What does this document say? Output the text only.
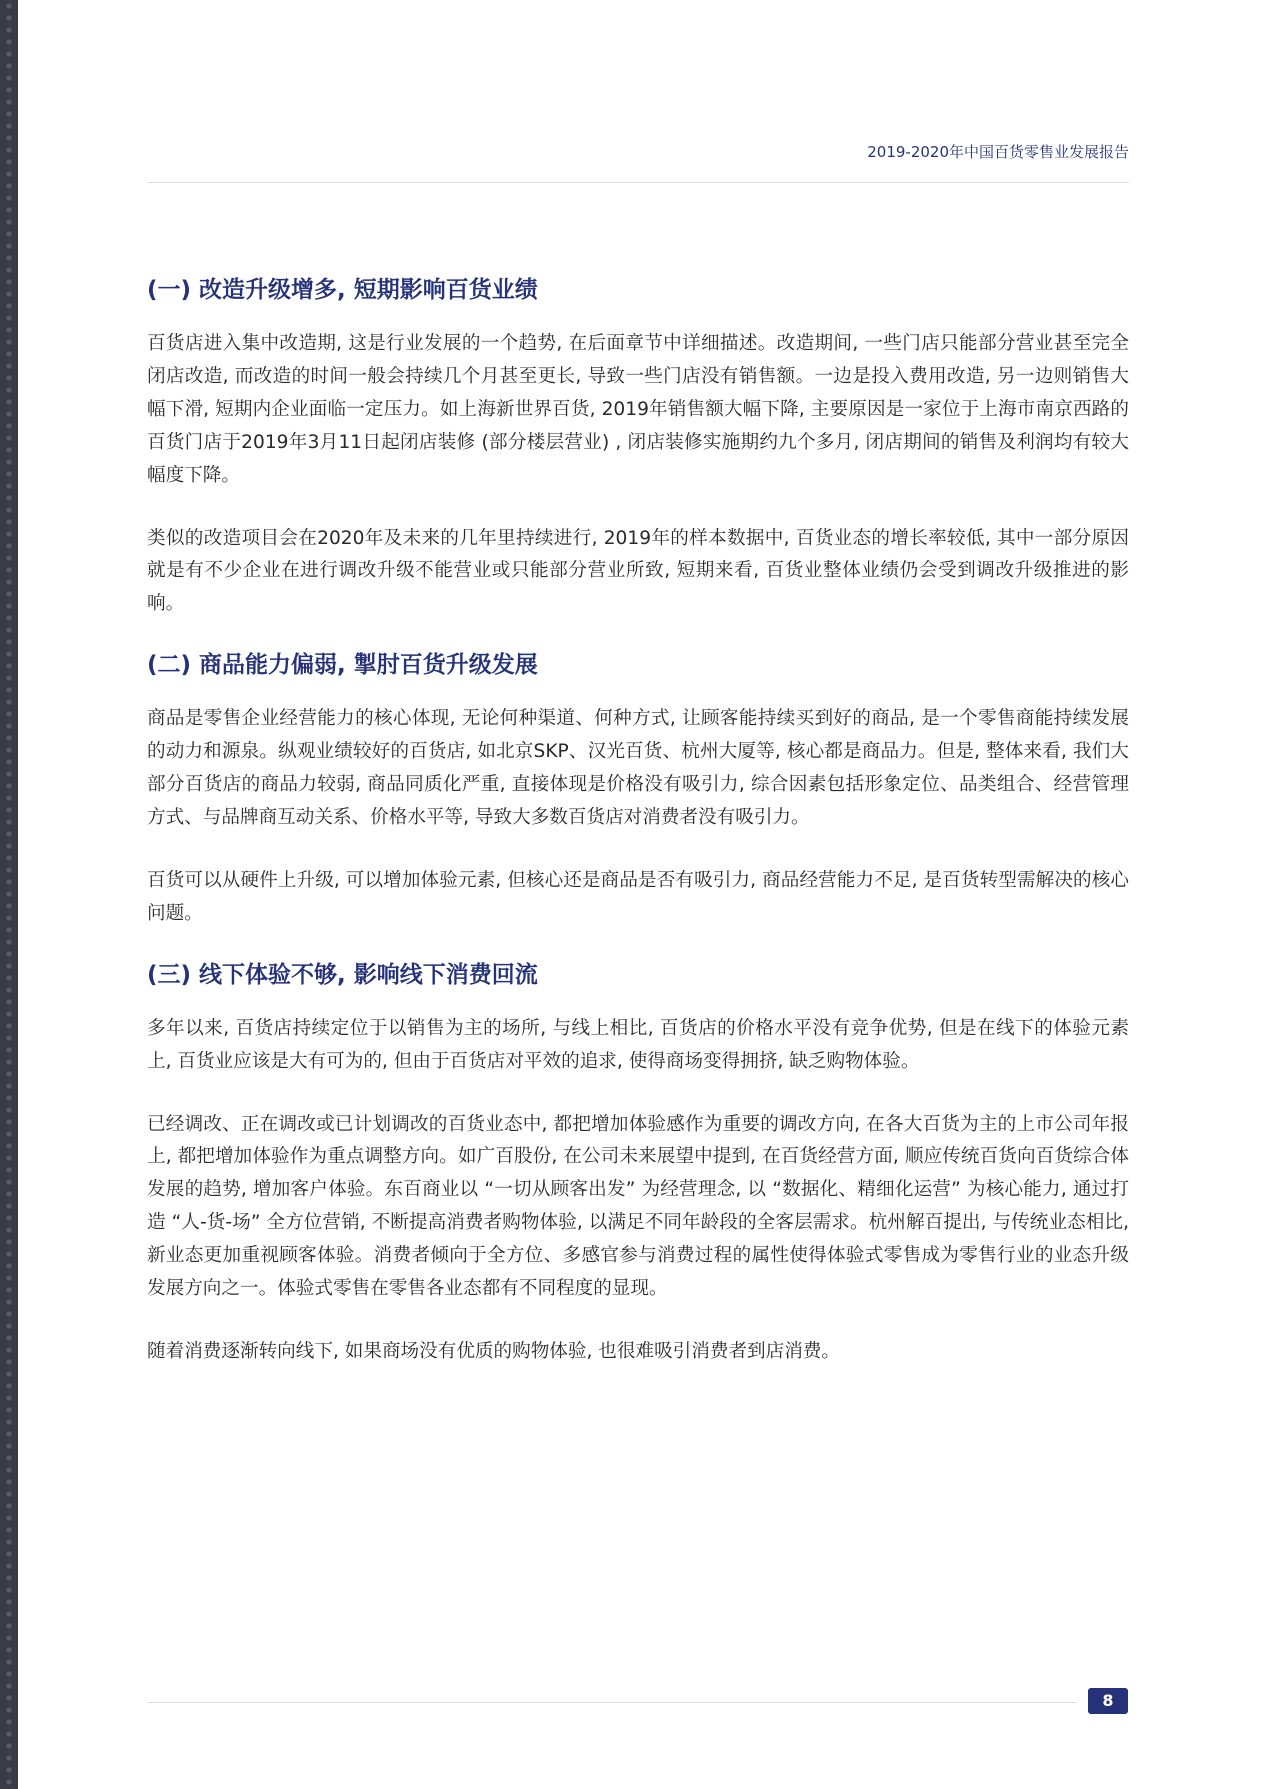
2019-2020年中国百货零售业发展报告
(一) 改造升级增多, 短期影响百货业绩

百货店进入集中改造期, 这是行业发展的一个趋势, 在后面章节中详细描述。改造期间, 一些门店只能部分营业甚至完全闭店改造, 而改造的时间一般会持续几个月甚至更长, 导致一些门店没有销售额。一边是投入费用改造, 另一边则销售大幅下滑, 短期内企业面临一定压力。如上海新世界百货, 2019年销售额大幅下降, 主要原因是一家位于上海市南京西路的百货门店于2019年3月11日起闭店装修 (部分楼层营业) , 闭店装修实施期约九个多月, 闭店期间的销售及利润均有较大幅度下降。

类似的改造项目会在2020年及未来的几年里持续进行, 2019年的样本数据中, 百货业态的增长率较低, 其中一部分原因就是有不少企业在进行调改升级不能营业或只能部分营业所致, 短期来看, 百货业整体业绩仍会受到调改升级推进的影响。

(二) 商品能力偏弱, 掣肘百货升级发展

商品是零售企业经营能力的核心体现, 无论何种渠道、何种方式, 让顾客能持续买到好的商品, 是一个零售商能持续发展的动力和源泉。纵观业绩较好的百货店, 如北京SKP、汉光百货、杭州大厦等, 核心都是商品力。但是, 整体来看, 我们大部分百货店的商品力较弱, 商品同质化严重, 直接体现是价格没有吸引力, 综合因素包括形象定位、品类组合、经营管理方式、与品牌商互动关系、价格水平等, 导致大多数百货店对消费者没有吸引力。

百货可以从硬件上升级, 可以增加体验元素, 但核心还是商品是否有吸引力, 商品经营能力不足, 是百货转型需解决的核心问题。

(三) 线下体验不够, 影响线下消费回流

多年以来, 百货店持续定位于以销售为主的场所, 与线上相比, 百货店的价格水平没有竞争优势, 但是在线下的体验元素上, 百货业应该是大有可为的, 但由于百货店对平效的追求, 使得商场变得拥挤, 缺乏购物体验。

已经调改、正在调改或已计划调改的百货业态中, 都把增加体验感作为重要的调改方向, 在各大百货为主的上市公司年报上, 都把增加体验作为重点调整方向。如广百股份, 在公司未来展望中提到, 在百货经营方面, 顺应传统百货向百货综合体发展的趋势, 增加客户体验。东百商业以 “一切从顾客出发” 为经营理念, 以 “数据化、精细化运营” 为核心能力, 通过打造 “人-货-场” 全方位营销, 不断提高消费者购物体验, 以满足不同年龄段的全客层需求。杭州解百提出, 与传统业态相比, 新业态更加重视顾客体验。消费者倾向于全方位、多感官参与消费过程的属性使得体验式零售成为零售行业的业态升级发展方向之一。体验式零售在零售各业态都有不同程度的显现。

随着消费逐渐转向线下, 如果商场没有优质的购物体验, 也很难吸引消费者到店消费。

8
